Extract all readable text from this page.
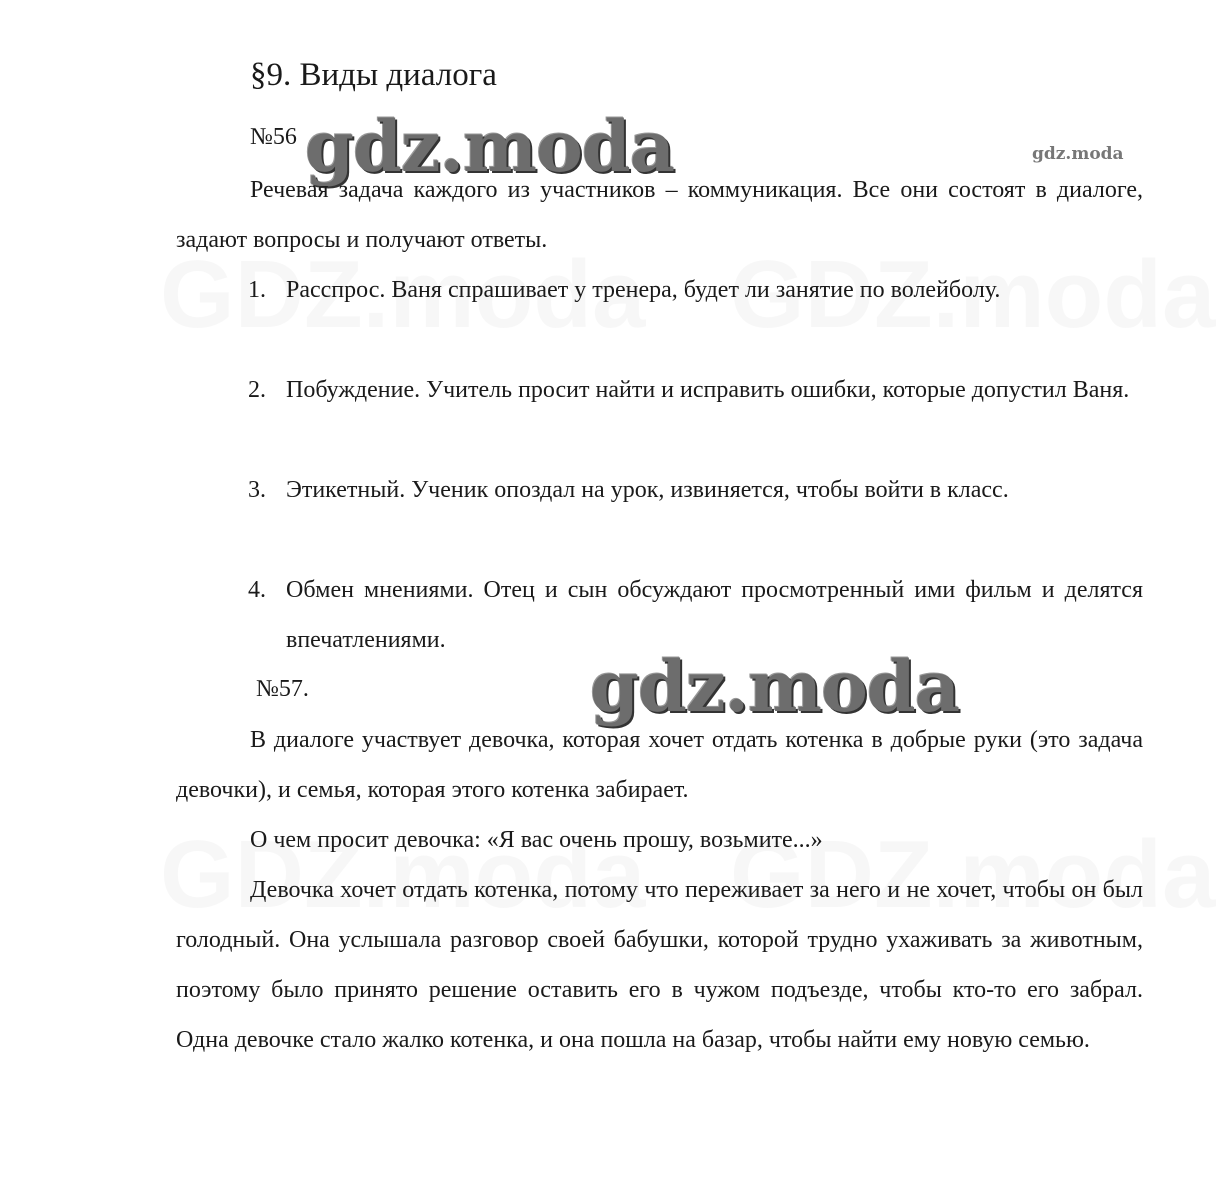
§9. Виды диалога
№56 gdz.moda	gdz.moda
Речевая задача каждого из участников – коммуникация. Все они состоят в диалоге, задают вопросы и получают ответы.
1. Расспрос. Ваня спрашивает у тренера, будет ли занятие по волейболу.
2. Побуждение. Учитель просит найти и исправить ошибки, которые допустил Ваня.
3. Этикетный. Ученик опоздал на урок, извиняется, чтобы войти в класс.
4. Обмен мнениями. Отец и сын обсуждают просмотренный ими фильм и делятся впечатлениями.
№57.	gdz.moda
В диалоге участвует девочка, которая хочет отдать котенка в добрые руки (это задача девочки), и семья, которая этого котенка забирает.
О чем просит девочка: «Я вас очень прошу, возьмите...»
Девочка хочет отдать котенка, потому что переживает за него и не хочет, чтобы он был голодный. Она услышала разговор своей бабушки, которой трудно ухаживать за животным, поэтому было принято решение оставить его в чужом подъезде, чтобы кто-то его забрал. Одна девочке стало жалко котенка, и она пошла на базар, чтобы найти ему новую семью.
